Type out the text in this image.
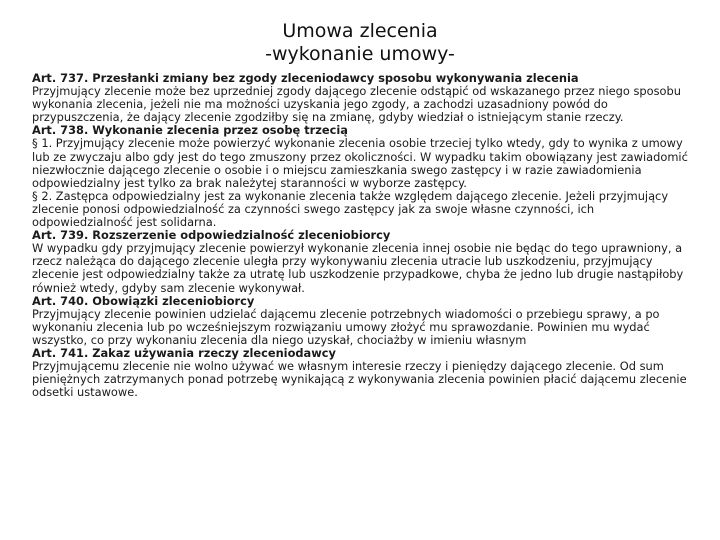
Umowa zlecenia
-wykonanie umowy-

Art. 737. Przesłanki zmiany bez zgody zleceniodawcy sposobu wykonywania zlecenia

Przyjmujący zlecenie może bez uprzedniej zgody dającego zlecenie odstąpić od wskazanego przez niego sposobu wykonania zlecenia, jeżeli nie ma możności uzyskania jego zgody, a zachodzi uzasadniony powód do przypuszczenia, że dający zlecenie zgodziłby się na zmianę, gdyby wiedział o istniejącym stanie rzeczy.

Art. 738. Wykonanie zlecenia przez osobę trzecią

§ 1. Przyjmujący zlecenie może powierzyć wykonanie zlecenia osobie trzeciej tylko wtedy, gdy to wynika z umowy lub ze zwyczaju albo gdy jest do tego zmuszony przez okoliczności. W wypadku takim obowiązany jest zawiadomić niezwłocznie dającego zlecenie o osobie i o miejscu zamieszkania swego zastępcy i w razie zawiadomienia odpowiedzialny jest tylko za brak należytej staranności w wyborze zastępcy.

§ 2. Zastępca odpowiedzialny jest za wykonanie zlecenia także względem dającego zlecenie. Jeżeli przyjmujący zlecenie ponosi odpowiedzialność za czynności swego zastępcy jak za swoje własne czynności, ich odpowiedzialność jest solidarna.

Art. 739. Rozszerzenie odpowiedzialność zleceniobiorcy

W wypadku gdy przyjmujący zlecenie powierzył wykonanie zlecenia innej osobie nie będąc do tego uprawniony, a rzecz należąca do dającego zlecenie uległa przy wykonywaniu zlecenia utracie lub uszkodzeniu, przyjmujący zlecenie jest odpowiedzialny także za utratę lub uszkodzenie przypadkowe, chyba że jedno lub drugie nastąpiłoby również wtedy, gdyby sam zlecenie wykonywał.

Art. 740. Obowiązki zleceniobiorcy

Przyjmujący zlecenie powinien udzielać dającemu zlecenie potrzebnych wiadomości o przebiegu sprawy, a po wykonaniu zlecenia lub po wcześniejszym rozwiązaniu umowy złożyć mu sprawozdanie. Powinien mu wydać wszystko, co przy wykonaniu zlecenia dla niego uzyskał, chociażby w imieniu własnym

Art. 741. Zakaz używania rzeczy zleceniodawcy

Przyjmującemu zlecenie nie wolno używać we własnym interesie rzeczy i pieniędzy dającego zlecenie. Od sum pieniężnych zatrzymanych ponad potrzebę wynikającą z wykonywania zlecenia powinien płacić dającemu zlecenie odsetki ustawowe.
